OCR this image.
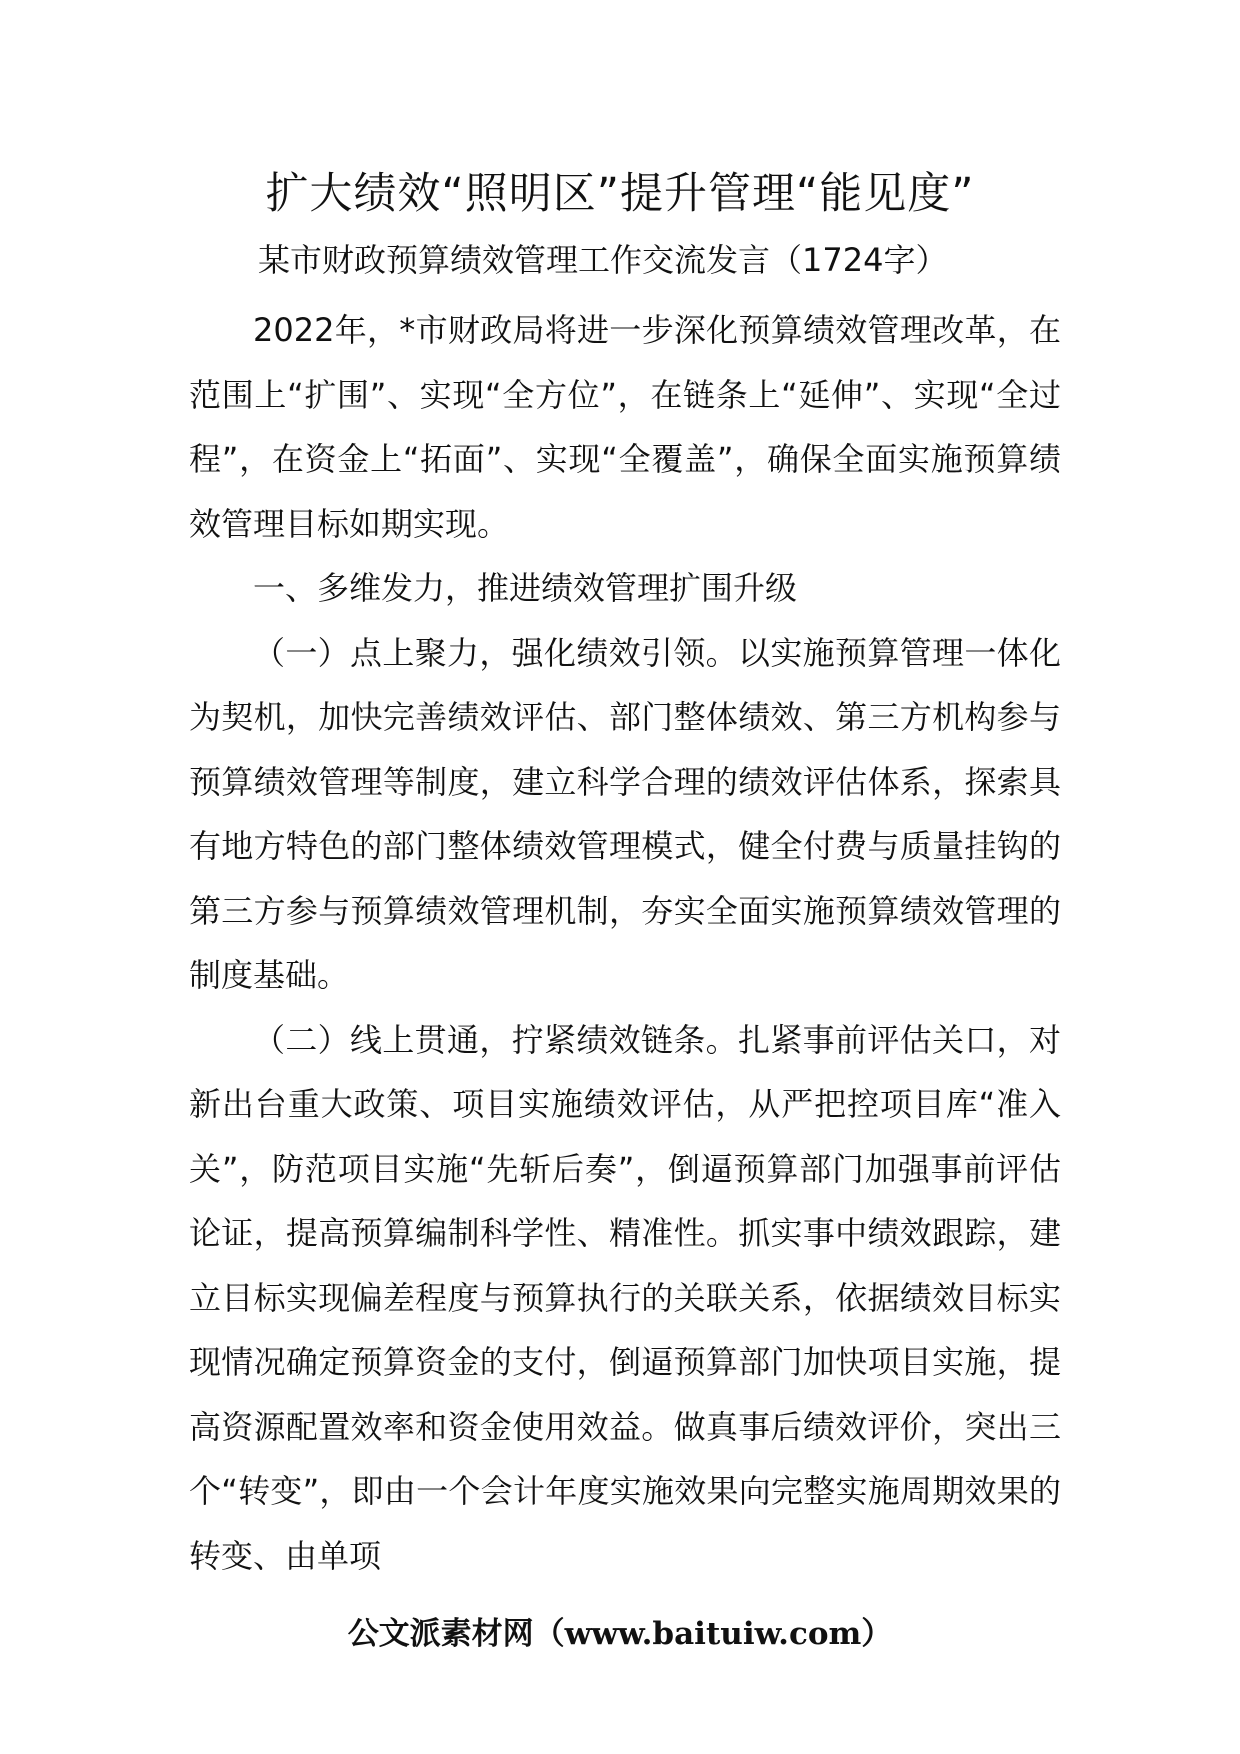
扩大绩效“照明区”提升管理“能见度”

某市财政预算绩效管理工作交流发言（1724字）

2022年，*市财政局将进一步深化预算绩效管理改革，在范围上“扩围”、实现“全方位”，在链条上“延伸”、实现“全过程”，在资金上“拓面”、实现“全覆盖”，确保全面实施预算绩效管理目标如期实现。

一、多维发力，推进绩效管理扩围升级

（一）点上聚力，强化绩效引领。以实施预算管理一体化为契机，加快完善绩效评估、部门整体绩效、第三方机构参与预算绩效管理等制度，建立科学合理的绩效评估体系，探索具有地方特色的部门整体绩效管理模式，健全付费与质量挂钩的第三方参与预算绩效管理机制，夯实全面实施预算绩效管理的制度基础。

（二）线上贯通，拧紧绩效链条。扎紧事前评估关口，对新出台重大政策、项目实施绩效评估，从严把控项目库“准入关”，防范项目实施“先斩后奏”，倒逼预算部门加强事前评估论证，提高预算编制科学性、精准性。抓实事中绩效跟踪，建立目标实现偏差程度与预算执行的关联关系，依据绩效目标实现情况确定预算资金的支付，倒逼预算部门加快项目实施，提高资源配置效率和资金使用效益。做真事后绩效评价，突出三个“转变”，即由一个会计年度实施效果向完整实施周期效果的转变、由单项

公文派素材网（www.baituiw.com）
